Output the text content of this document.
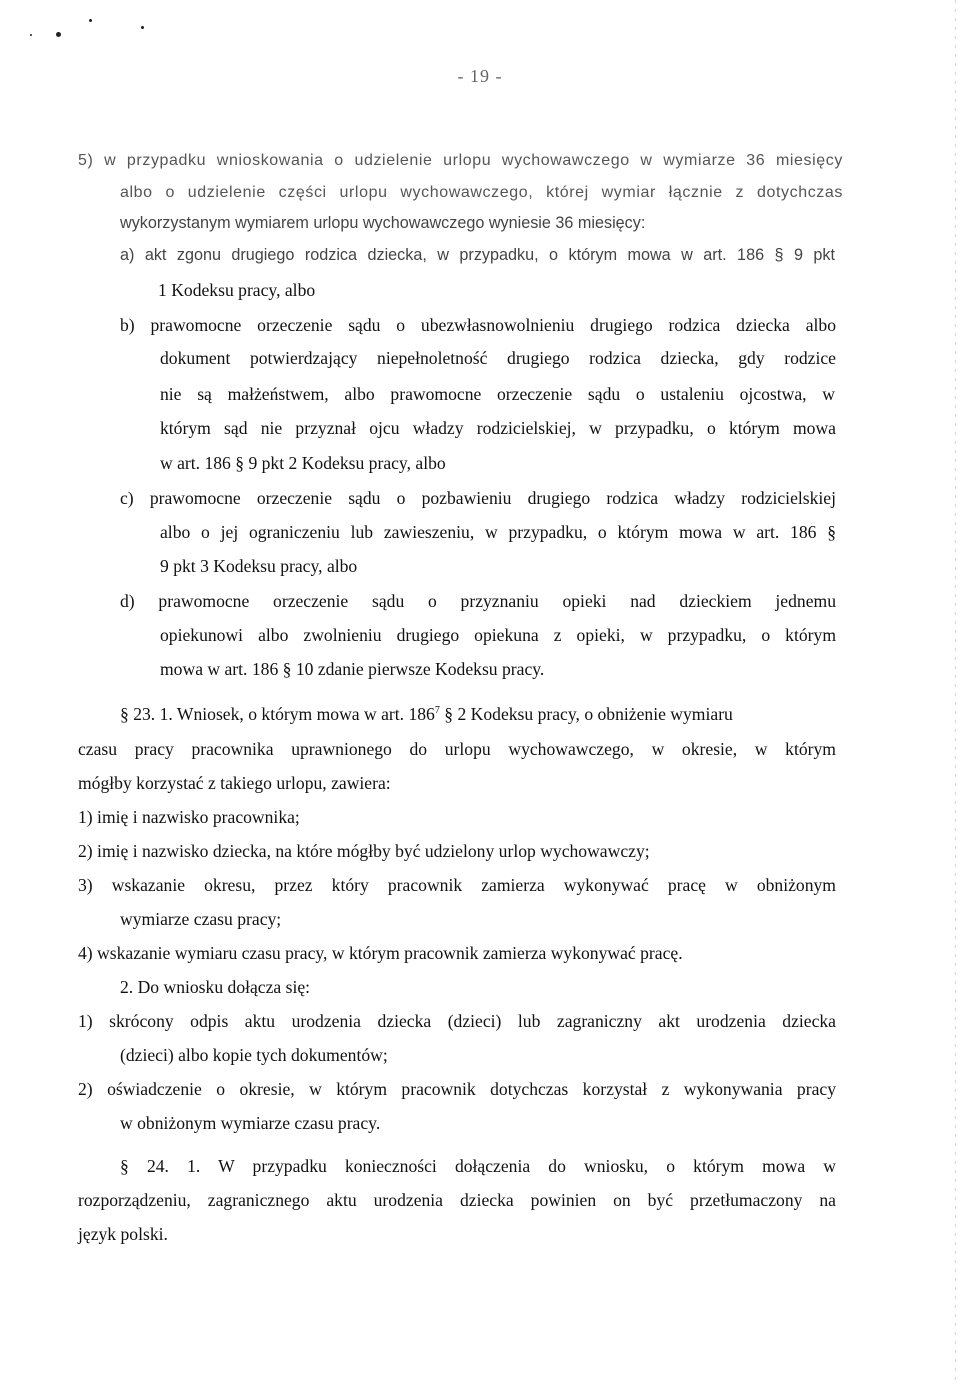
- 19 -
5) w przypadku wnioskowania o udzielenie urlopu wychowawczego w wymiarze 36 miesięcy
albo o udzielenie części urlopu wychowawczego, której wymiar łącznie z dotychczas
wykorzystanym wymiarem urlopu wychowawczego wyniesie 36 miesięcy:
a) akt zgonu drugiego rodzica dziecka, w przypadku, o którym mowa w art. 186 § 9 pkt
1 Kodeksu pracy, albo
b) prawomocne orzeczenie sądu o ubezwłasnowolnieniu drugiego rodzica dziecka albo
dokument potwierdzający niepełnoletność drugiego rodzica dziecka, gdy rodzice
nie są małżeństwem, albo prawomocne orzeczenie sądu o ustaleniu ojcostwa, w
którym sąd nie przyznał ojcu władzy rodzicielskiej, w przypadku, o którym mowa
w art. 186 § 9 pkt 2 Kodeksu pracy, albo
c) prawomocne orzeczenie sądu o pozbawieniu drugiego rodzica władzy rodzicielskiej
albo o jej ograniczeniu lub zawieszeniu, w przypadku, o którym mowa w art. 186 §
9 pkt 3 Kodeksu pracy, albo
d) prawomocne orzeczenie sądu o przyznaniu opieki nad dzieckiem jednemu
opiekunowi albo zwolnieniu drugiego opiekuna z opieki, w przypadku, o którym
mowa w art. 186 § 10 zdanie pierwsze Kodeksu pracy.
§ 23. 1. Wniosek, o którym mowa w art. $186^7$ § 2 Kodeksu pracy, o obniżenie wymiaru
czasu pracy pracownika uprawnionego do urlopu wychowawczego, w okresie, w którym
mógłby korzystać z takiego urlopu, zawiera:
1) imię i nazwisko pracownika;
2) imię i nazwisko dziecka, na które mógłby być udzielony urlop wychowawczy;
3) wskazanie okresu, przez który pracownik zamierza wykonywać pracę w obniżonym
wymiarze czasu pracy;
4) wskazanie wymiaru czasu pracy, w którym pracownik zamierza wykonywać pracę.
2. Do wniosku dołącza się:
1) skrócony odpis aktu urodzenia dziecka (dzieci) lub zagraniczny akt urodzenia dziecka
(dzieci) albo kopie tych dokumentów;
2) oświadczenie o okresie, w którym pracownik dotychczas korzystał z wykonywania pracy
w obniżonym wymiarze czasu pracy.
§ 24. 1. W przypadku konieczności dołączenia do wniosku, o którym mowa w
rozporządzeniu, zagranicznego aktu urodzenia dziecka powinien on być przetłumaczony na
język polski.
